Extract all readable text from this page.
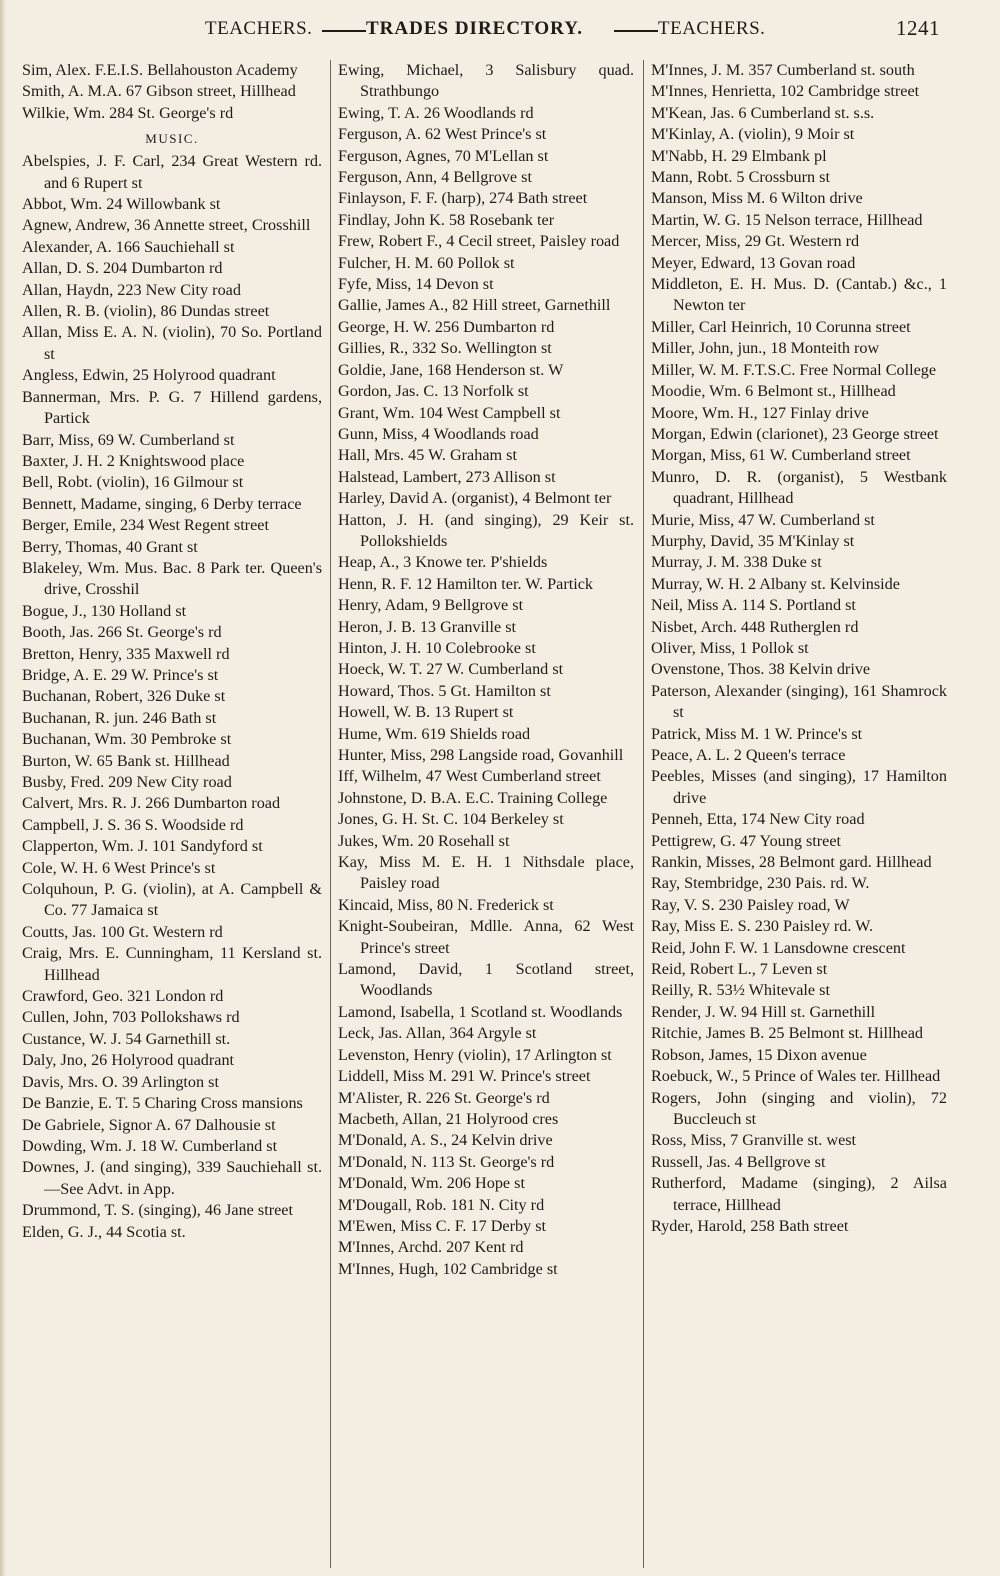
TEACHERS.	TRADES DIRECTORY.	TEACHERS.	1241

Sim, Alex. F.E.I.S. Bellahouston Academy

Smith, A. M.A. 67 Gibson street, Hillhead

Wilkie, Wm. 284 St. George's rd

MUSIC.

Abelspies, J. F. Carl, 234 Great Western rd. and 6 Rupert st

Abbot, Wm. 24 Willowbank st

Agnew, Andrew, 36 Annette street, Crosshill

Alexander, A. 166 Sauchiehall st

Allan, D. S. 204 Dumbarton rd

Allan, Haydn, 223 New City road

Allen, R. B. (violin), 86 Dundas street

Allan, Miss E. A. N. (violin), 70 So. Portland st

Angless, Edwin, 25 Holyrood quadrant

Bannerman, Mrs. P. G. 7 Hillend gardens, Partick

Barr, Miss, 69 W. Cumberland st

Baxter, J. H. 2 Knightswood place

Bell, Robt. (violin), 16 Gilmour st

Bennett, Madame, singing, 6 Derby terrace

Berger, Emile, 234 West Regent street

Berry, Thomas, 40 Grant st

Blakeley, Wm. Mus. Bac. 8 Park ter. Queen's drive, Crosshil

Bogue, J., 130 Holland st

Booth, Jas. 266 St. George's rd

Bretton, Henry, 335 Maxwell rd

Bridge, A. E. 29 W. Prince's st

Buchanan, Robert, 326 Duke st

Buchanan, R. jun. 246 Bath st

Buchanan, Wm. 30 Pembroke st

Burton, W. 65 Bank st. Hillhead

Busby, Fred. 209 New City road

Calvert, Mrs. R. J. 266 Dumbarton road

Campbell, J. S. 36 S. Woodside rd

Clapperton, Wm. J. 101 Sandyford st

Cole, W. H. 6 West Prince's st

Colquhoun, P. G. (violin), at A. Campbell & Co. 77 Jamaica st

Coutts, Jas. 100 Gt. Western rd

Craig, Mrs. E. Cunningham, 11 Kersland st. Hillhead

Crawford, Geo. 321 London rd

Cullen, John, 703 Pollokshaws rd

Custance, W. J. 54 Garnethill st.

Daly, Jno, 26 Holyrood quadrant

Davis, Mrs. O. 39 Arlington st

De Banzie, E. T. 5 Charing Cross mansions

De Gabriele, Signor A. 67 Dalhousie st

Dowding, Wm. J. 18 W. Cumberland st

Downes, J. (and singing), 339 Sauchiehall st.—See Advt. in App.

Drummond, T. S. (singing), 46 Jane street

Elden, G. J., 44 Scotia st.

Ewing, Michael, 3 Salisbury quad. Strathbungo

Ewing, T. A. 26 Woodlands rd

Ferguson, A. 62 West Prince's st

Ferguson, Agnes, 70 M'Lellan st

Ferguson, Ann, 4 Bellgrove st

Finlayson, F. F. (harp), 274 Bath street

Findlay, John K. 58 Rosebank ter

Frew, Robert F., 4 Cecil street, Paisley road

Fulcher, H. M. 60 Pollok st

Fyfe, Miss, 14 Devon st

Gallie, James A., 82 Hill street, Garnethill

George, H. W. 256 Dumbarton rd

Gillies, R., 332 So. Wellington st

Goldie, Jane, 168 Henderson st. W

Gordon, Jas. C. 13 Norfolk st

Grant, Wm. 104 West Campbell st

Gunn, Miss, 4 Woodlands road

Hall, Mrs. 45 W. Graham st

Halstead, Lambert, 273 Allison st

Harley, David A. (organist), 4 Belmont ter

Hatton, J. H. (and singing), 29 Keir st. Pollokshields

Heap, A., 3 Knowe ter. P'shields

Henn, R. F. 12 Hamilton ter. W. Partick

Henry, Adam, 9 Bellgrove st

Heron, J. B. 13 Granville st

Hinton, J. H. 10 Colebrooke st

Hoeck, W. T. 27 W. Cumberland st

Howard, Thos. 5 Gt. Hamilton st

Howell, W. B. 13 Rupert st

Hume, Wm. 619 Shields road

Hunter, Miss, 298 Langside road, Govanhill

Iff, Wilhelm, 47 West Cumberland street

Johnstone, D. B.A. E.C. Training College

Jones, G. H. St. C. 104 Berkeley st

Jukes, Wm. 20 Rosehall st

Kay, Miss M. E. H. 1 Nithsdale place, Paisley road

Kincaid, Miss, 80 N. Frederick st

Knight-Soubeiran, Mdlle. Anna, 62 West Prince's street

Lamond, David, 1 Scotland street, Woodlands

Lamond, Isabella, 1 Scotland st. Woodlands

Leck, Jas. Allan, 364 Argyle st

Levenston, Henry (violin), 17 Arlington st

Liddell, Miss M. 291 W. Prince's street

M'Alister, R. 226 St. George's rd

Macbeth, Allan, 21 Holyrood cres

M'Donald, A. S., 24 Kelvin drive

M'Donald, N. 113 St. George's rd

M'Donald, Wm. 206 Hope st

M'Dougall, Rob. 181 N. City rd

M'Ewen, Miss C. F. 17 Derby st

M'Innes, Archd. 207 Kent rd

M'Innes, Hugh, 102 Cambridge st

M'Innes, J. M. 357 Cumberland st. south

M'Innes, Henrietta, 102 Cambridge street

M'Kean, Jas. 6 Cumberland st. s.s.

M'Kinlay, A. (violin), 9 Moir st

M'Nabb, H. 29 Elmbank pl

Mann, Robt. 5 Crossburn st

Manson, Miss M. 6 Wilton drive

Martin, W. G. 15 Nelson terrace, Hillhead

Mercer, Miss, 29 Gt. Western rd

Meyer, Edward, 13 Govan road

Middleton, E. H. Mus. D. (Cantab.) &c., 1 Newton ter

Miller, Carl Heinrich, 10 Corunna street

Miller, John, jun., 18 Monteith row

Miller, W. M. F.T.S.C. Free Normal College

Moodie, Wm. 6 Belmont st., Hillhead

Moore, Wm. H., 127 Finlay drive

Morgan, Edwin (clarionet), 23 George street

Morgan, Miss, 61 W. Cumberland street

Munro, D. R. (organist), 5 Westbank quadrant, Hillhead

Murie, Miss, 47 W. Cumberland st

Murphy, David, 35 M'Kinlay st

Murray, J. M. 338 Duke st

Murray, W. H. 2 Albany st. Kelvinside

Neil, Miss A. 114 S. Portland st

Nisbet, Arch. 448 Rutherglen rd

Oliver, Miss, 1 Pollok st

Ovenstone, Thos. 38 Kelvin drive

Paterson, Alexander (singing), 161 Shamrock st

Patrick, Miss M. 1 W. Prince's st

Peace, A. L. 2 Queen's terrace

Peebles, Misses (and singing), 17 Hamilton drive

Penneh, Etta, 174 New City road

Pettigrew, G. 47 Young street

Rankin, Misses, 28 Belmont gard. Hillhead

Ray, Stembridge, 230 Pais. rd. W.

Ray, V. S. 230 Paisley road, W

Ray, Miss E. S. 230 Paisley rd. W.

Reid, John F. W. 1 Lansdowne crescent

Reid, Robert L., 7 Leven st

Reilly, R. 53½ Whitevale st

Render, J. W. 94 Hill st. Garnethill

Ritchie, James B. 25 Belmont st. Hillhead

Robson, James, 15 Dixon avenue

Roebuck, W., 5 Prince of Wales ter. Hillhead

Rogers, John (singing and violin), 72 Buccleuch st

Ross, Miss, 7 Granville st. west

Russell, Jas. 4 Bellgrove st

Rutherford, Madame (singing), 2 Ailsa terrace, Hillhead

Ryder, Harold, 258 Bath street
